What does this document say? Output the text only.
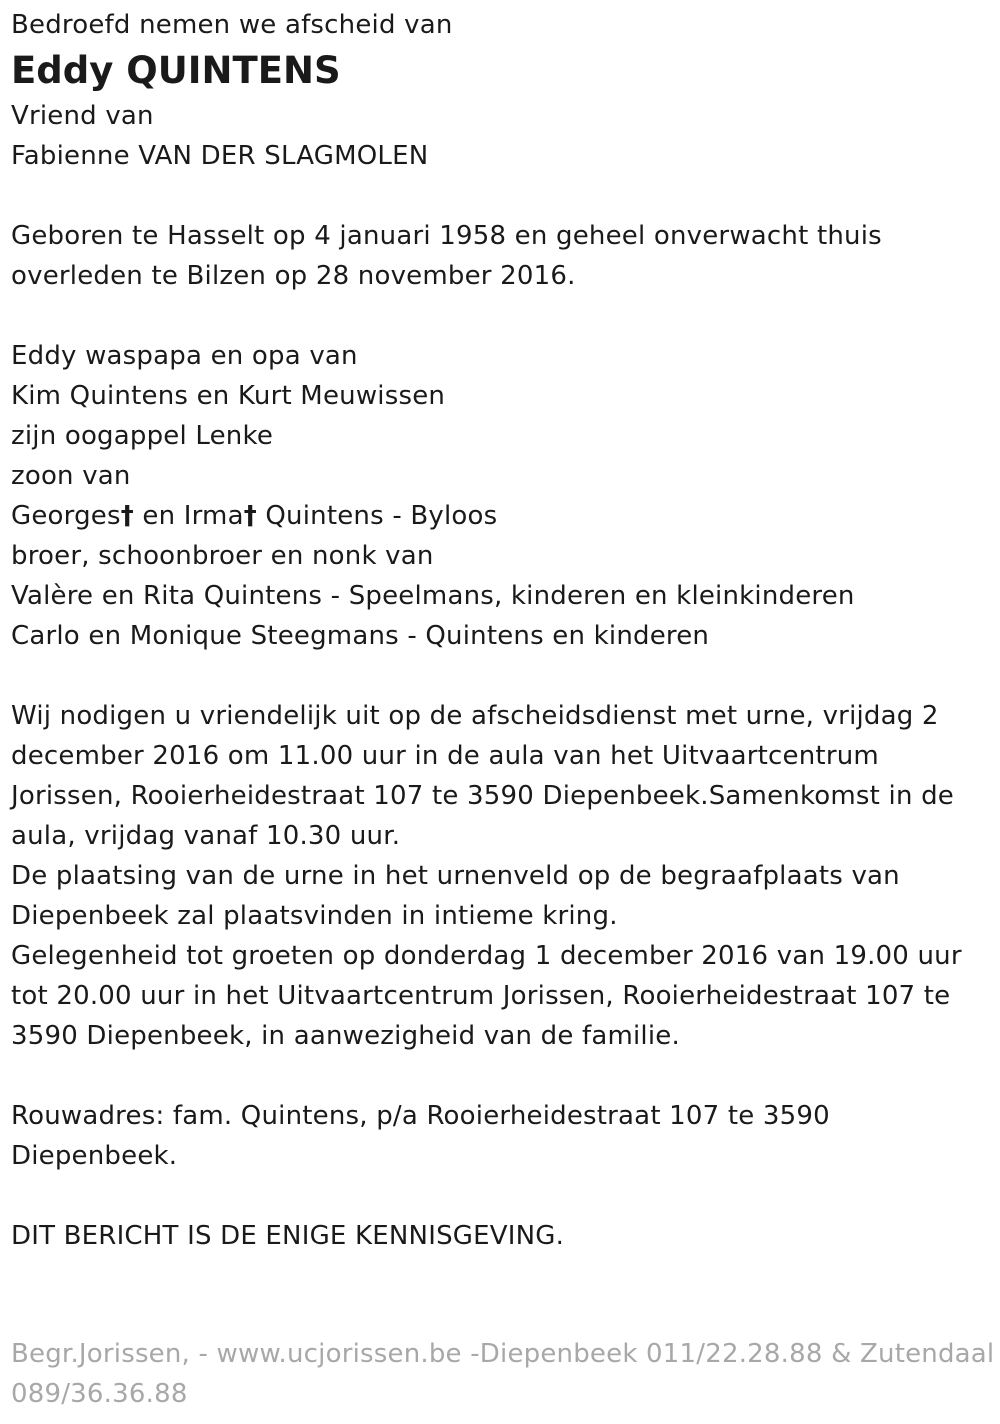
Bedroefd nemen we afscheid van
Eddy QUINTENS
Vriend van
Fabienne VAN DER SLAGMOLEN
Geboren te Hasselt op 4 januari 1958 en geheel onverwacht thuis
overleden te Bilzen op 28 november 2016.
Eddy waspapa en opa van
Kim Quintens en Kurt Meuwissen
zijn oogappel Lenke
zoon van
Georges† en Irma† Quintens - Byloos
broer, schoonbroer en nonk van
Valère en Rita Quintens - Speelmans, kinderen en kleinkinderen
Carlo en Monique Steegmans - Quintens en kinderen
Wij nodigen u vriendelijk uit op de afscheidsdienst met urne, vrijdag 2
december 2016 om 11.00 uur in de aula van het Uitvaartcentrum
Jorissen, Rooierheidestraat 107 te 3590 Diepenbeek.Samenkomst in de
aula, vrijdag vanaf 10.30 uur.
De plaatsing van de urne in het urnenveld op de begraafplaats van
Diepenbeek zal plaatsvinden in intieme kring.
Gelegenheid tot groeten op donderdag 1 december 2016 van 19.00 uur
tot 20.00 uur in het Uitvaartcentrum Jorissen, Rooierheidestraat 107 te
3590 Diepenbeek, in aanwezigheid van de familie.
Rouwadres: fam. Quintens, p/a Rooierheidestraat 107 te 3590
Diepenbeek.
DIT BERICHT IS DE ENIGE KENNISGEVING.
Begr.Jorissen, - www.ucjorissen.be -Diepenbeek 011/22.28.88 & Zutendaal
089/36.36.88
